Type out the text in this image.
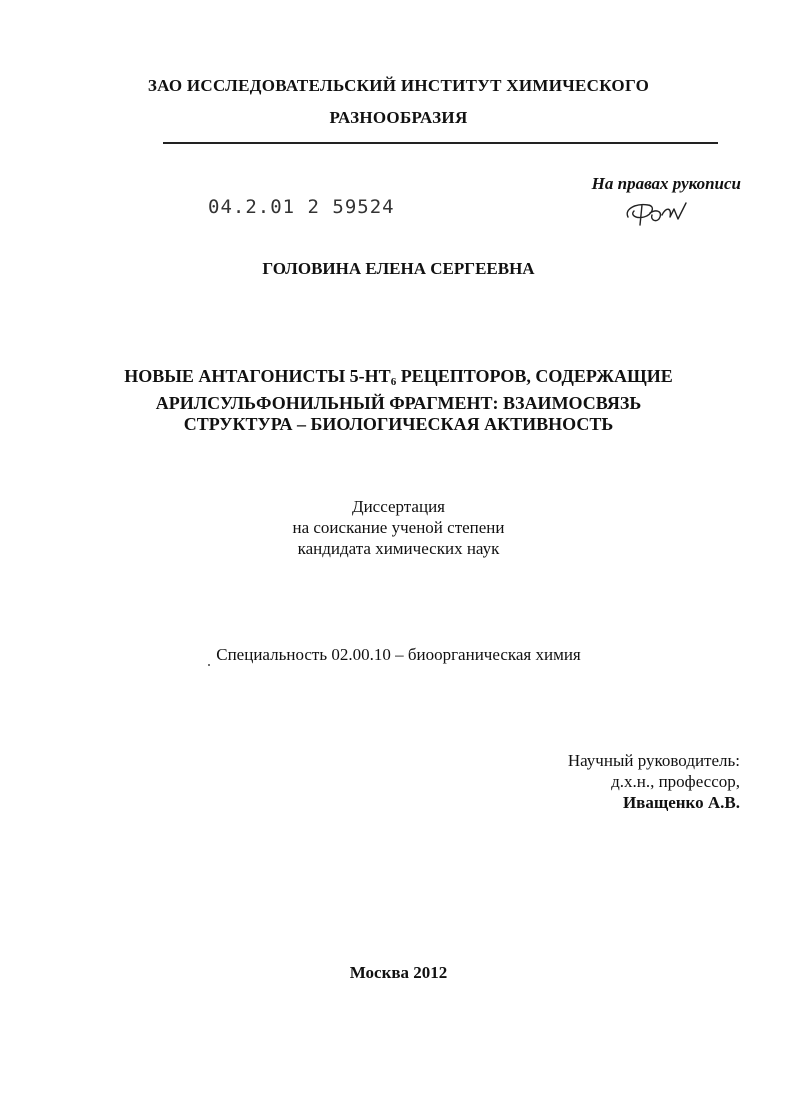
ЗАО ИССЛЕДОВАТЕЛЬСКИЙ ИНСТИТУТ ХИМИЧЕСКОГО
РАЗНООБРАЗИЯ
На правах рукописи
04.2.01 2 59524
ГОЛОВИНА ЕЛЕНА СЕРГЕЕВНА
НОВЫЕ АНТАГОНИСТЫ $5-НТ_6$ РЕЦЕПТОРОВ, СОДЕРЖАЩИЕ
АРИЛСУЛЬФОНИЛЬНЫЙ ФРАГМЕНТ: ВЗАИМОСВЯЗЬ
СТРУКТУРА – БИОЛОГИЧЕСКАЯ АКТИВНОСТЬ
Диссертация
на соискание ученой степени
кандидата химических наук
Специальность 02.00.10 – биоорганическая химия
Научный руководитель:
д.х.н., профессор,
Иващенко А.В.
Москва 2012
